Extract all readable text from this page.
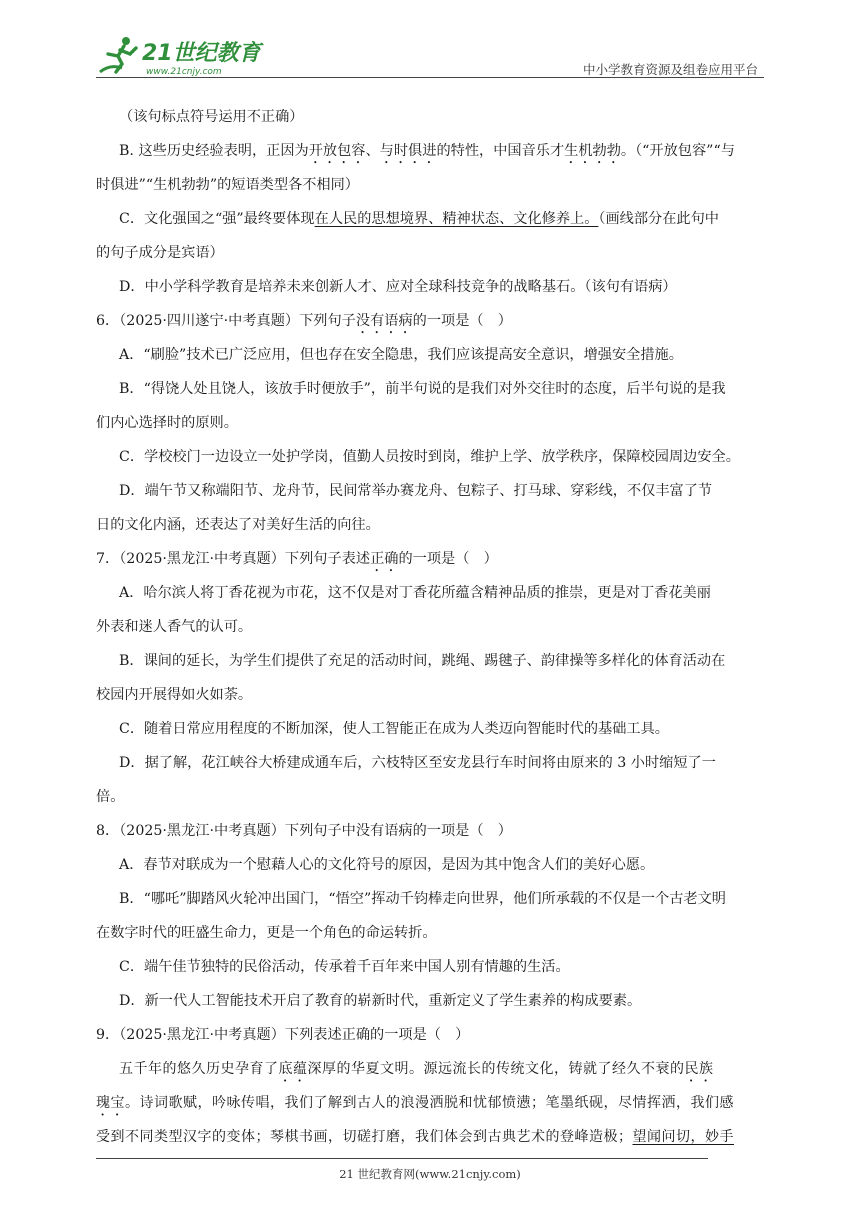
21世纪教育
www.21cnjy.com	中小学教育资源及组卷应用平台
（该句标点符号运用不正确）
B. 这些历史经验表明，正因为开放包容、与时俱进的特性，中国音乐才生机勃勃。（“开放包容”“与
时俱进”“生机勃勃”的短语类型各不相同）
C．文化强国之“强”最终要体现在人民的思想境界、精神状态、文化修养上。（画线部分在此句中
的句子成分是宾语）
D．中小学科学教育是培养未来创新人才、应对全球科技竞争的战略基石。（该句有语病）
6．（2025·四川遂宁·中考真题）下列句子没有语病的一项是（　）
A．“刷脸”技术已广泛应用，但也存在安全隐患，我们应该提高安全意识，增强安全措施。
B．“得饶人处且饶人，该放手时便放手”，前半句说的是我们对外交往时的态度，后半句说的是我
们内心选择时的原则。
C．学校校门一边设立一处护学岗，值勤人员按时到岗，维护上学、放学秩序，保障校园周边安全。
D．端午节又称端阳节、龙舟节，民间常举办赛龙舟、包粽子、打马球、穿彩线，不仅丰富了节
日的文化内涵，还表达了对美好生活的向往。
7．（2025·黑龙江·中考真题）下列句子表述正确的一项是（　）
A．哈尔滨人将丁香花视为市花，这不仅是对丁香花所蕴含精神品质的推崇，更是对丁香花美丽
外表和迷人香气的认可。
B．课间的延长，为学生们提供了充足的活动时间，跳绳、踢毽子、韵律操等多样化的体育活动在
校园内开展得如火如荼。
C．随着日常应用程度的不断加深，使人工智能正在成为人类迈向智能时代的基础工具。
D．据了解，花江峡谷大桥建成通车后，六枝特区至安龙县行车时间将由原来的 3 小时缩短了一
倍。
8．（2025·黑龙江·中考真题）下列句子中没有语病的一项是（　）
A．春节对联成为一个慰藉人心的文化符号的原因，是因为其中饱含人们的美好心愿。
B．“哪吒”脚踏风火轮冲出国门，“悟空”挥动千钧棒走向世界，他们所承载的不仅是一个古老文明
在数字时代的旺盛生命力，更是一个角色的命运转折。
C．端午佳节独特的民俗活动，传承着千百年来中国人别有情趣的生活。
D．新一代人工智能技术开启了教育的崭新时代，重新定义了学生素养的构成要素。
9．（2025·黑龙江·中考真题）下列表述正确的一项是（　）
五千年的悠久历史孕育了底蕴深厚的华夏文明。源远流长的传统文化，铸就了经久不衰的民族
瑰宝。诗词歌赋，吟咏传唱，我们了解到古人的浪漫洒脱和忧郁愤懑；笔墨纸砚，尽情挥洒，我们感
受到不同类型汉字的变体；琴棋书画，切磋打磨，我们体会到古典艺术的登峰造极；望闻问切，妙手
21 世纪教育网(www.21cnjy.com)
